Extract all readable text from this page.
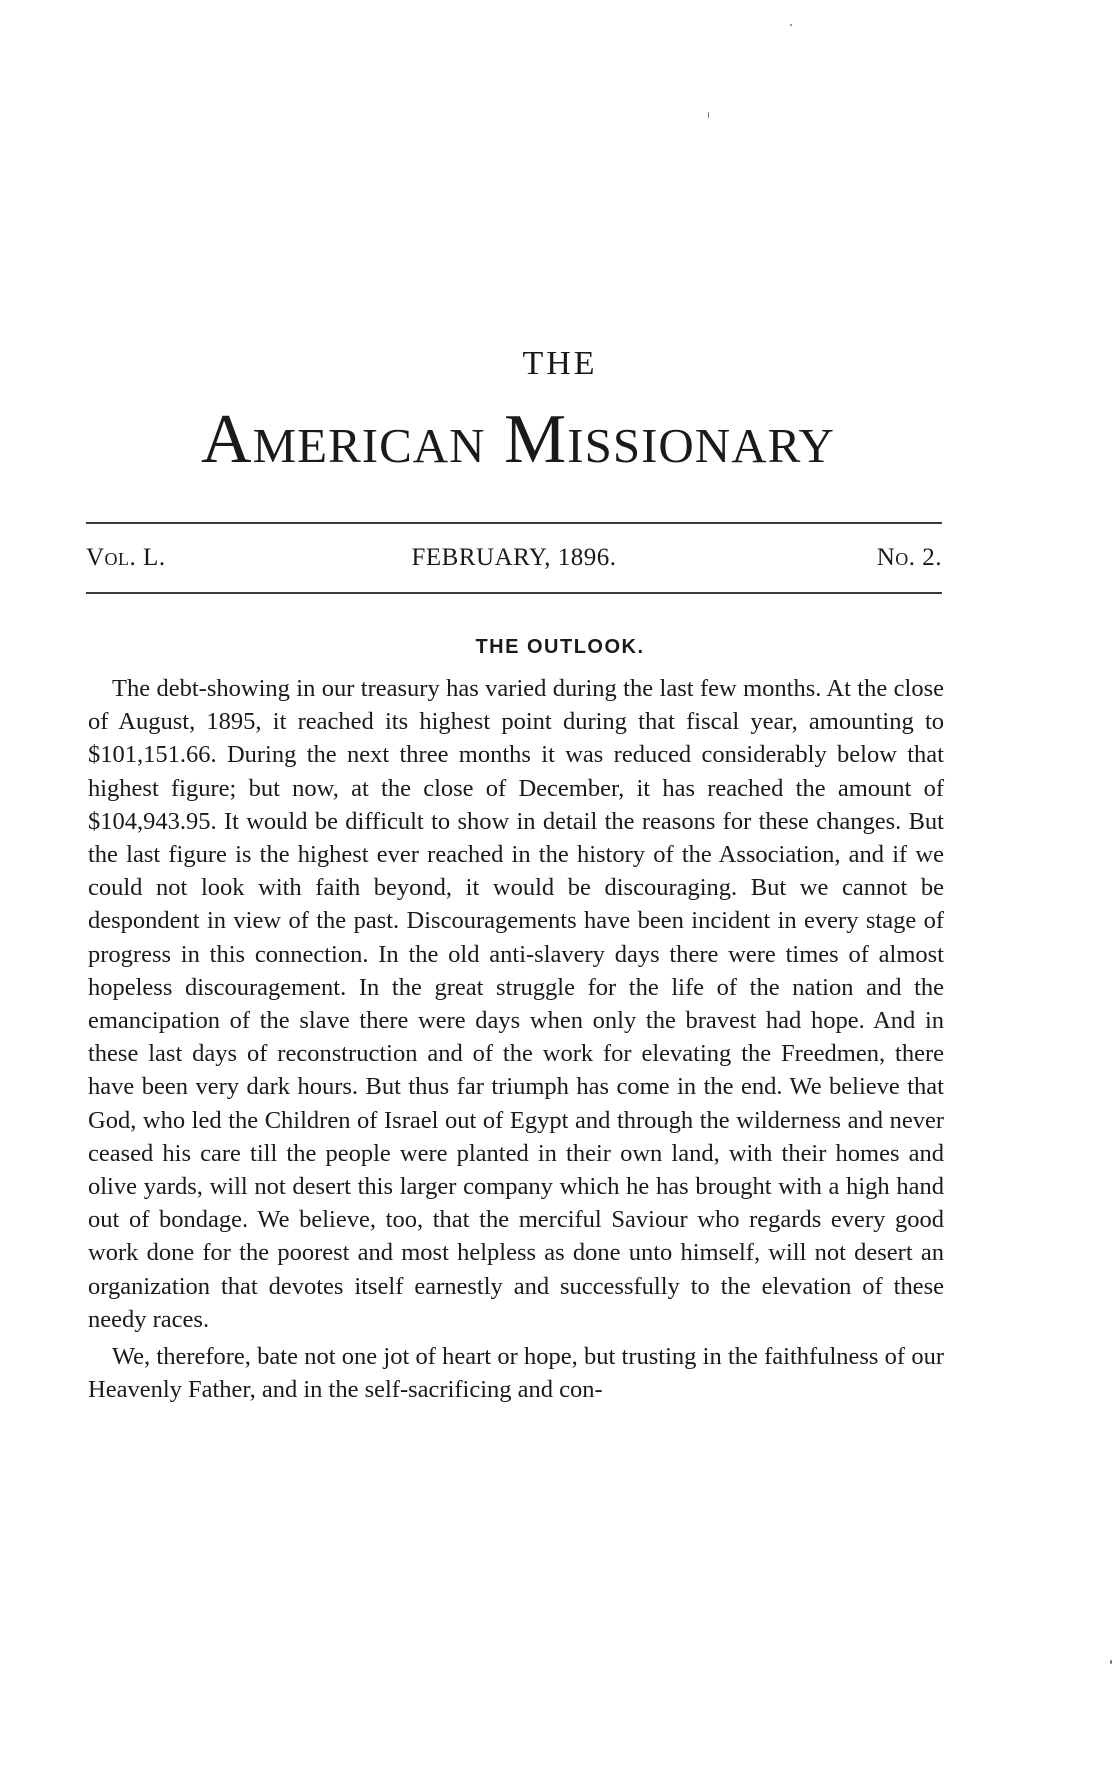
THE
American Missionary
FEBRUARY, 1896.
Vol. L.	No. 2.
THE OUTLOOK.

The debt-showing in our treasury has varied during the last few months. At the close of August, 1895, it reached its highest point during that fiscal year, amounting to $101,151.66. During the next three months it was reduced considerably below that highest figure; but now, at the close of December, it has reached the amount of $104,943.95. It would be difficult to show in detail the reasons for these changes. But the last figure is the highest ever reached in the history of the Association, and if we could not look with faith beyond, it would be discouraging. But we cannot be despondent in view of the past. Discouragements have been incident in every stage of progress in this connection. In the old anti-slavery days there were times of almost hopeless discouragement. In the great struggle for the life of the nation and the emancipation of the slave there were days when only the bravest had hope. And in these last days of reconstruction and of the work for elevating the Freedmen, there have been very dark hours. But thus far triumph has come in the end. We believe that God, who led the Children of Israel out of Egypt and through the wilderness and never ceased his care till the people were planted in their own land, with their homes and olive yards, will not desert this larger company which he has brought with a high hand out of bondage. We believe, too, that the merciful Saviour who regards every good work done for the poorest and most helpless as done unto himself, will not desert an organization that devotes itself earnestly and successfully to the elevation of these needy races.

We, therefore, bate not one jot of heart or hope, but trusting in the faithfulness of our Heavenly Father, and in the self-sacrificing and con-
